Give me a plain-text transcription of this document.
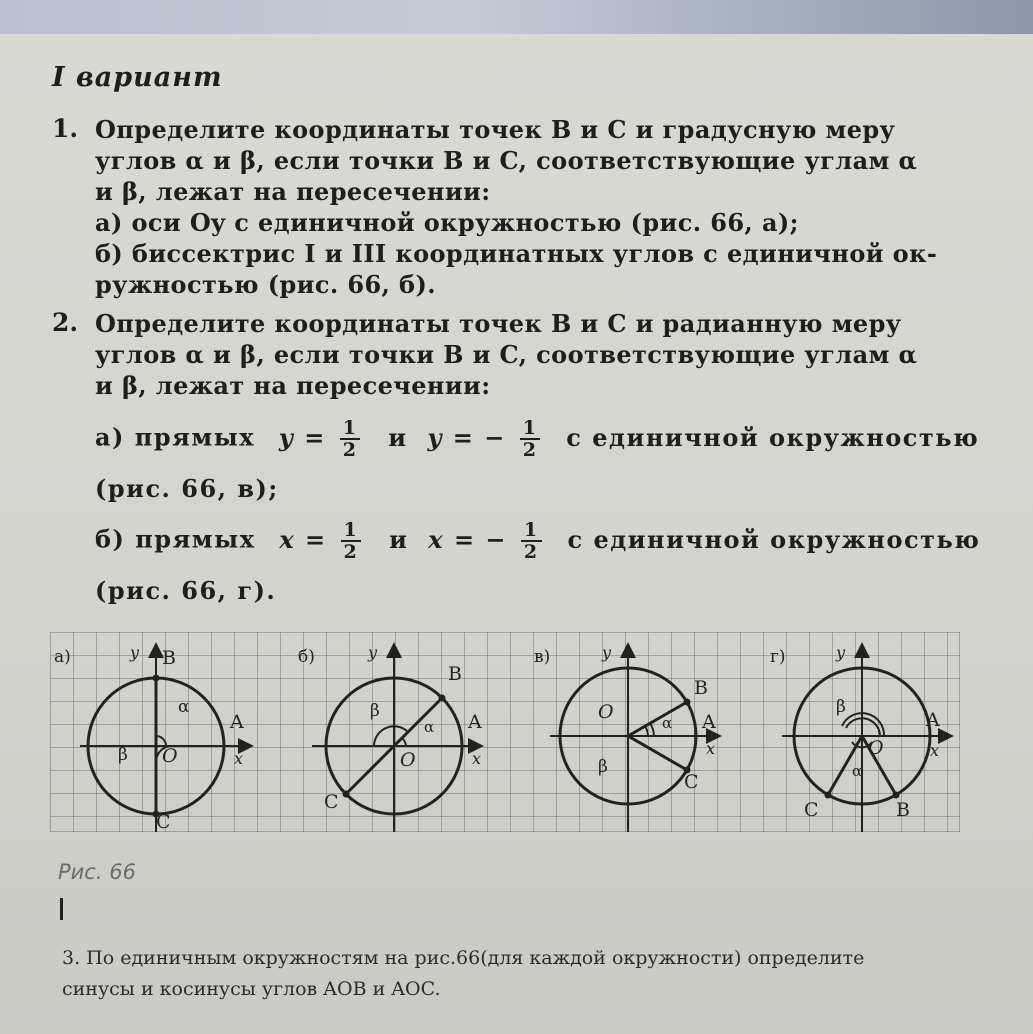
I вариант
1. Определите координаты точек B и C и градусную меру
углов α и β, если точки B и C, соответствующие углам α
и β, лежат на пересечении:
а) оси Oy с единичной окружностью (рис. 66, а);
б) биссектрис I и III координатных углов с единичной ок-
ружностью (рис. 66, б).
2. Определите координаты точек B и C и радианную меру
углов α и β, если точки B и C, соответствующие углам α
и β, лежат на пересечении:
а) прямых $y = \frac{1}{2}$ и y = − $\frac{1}{2}$ с единичной окружностью
(рис. 66, в);
б) прямых $x = \frac{1}{2}$ и x = − $\frac{1}{2}$ с единичной окружностью
(рис. 66, г).
а)	y B
α
β O
A
x
C
б)	y
B
α
β
O
A
x
C
в)	y
B
α
β
O	A
x
C
г)	y
B
α
β
O
A
x
C
Рис. 66
3. По единичным окружностям на рис.66(для каждой окружности) определите
синусы и косинусы углов AOB и AOC.
